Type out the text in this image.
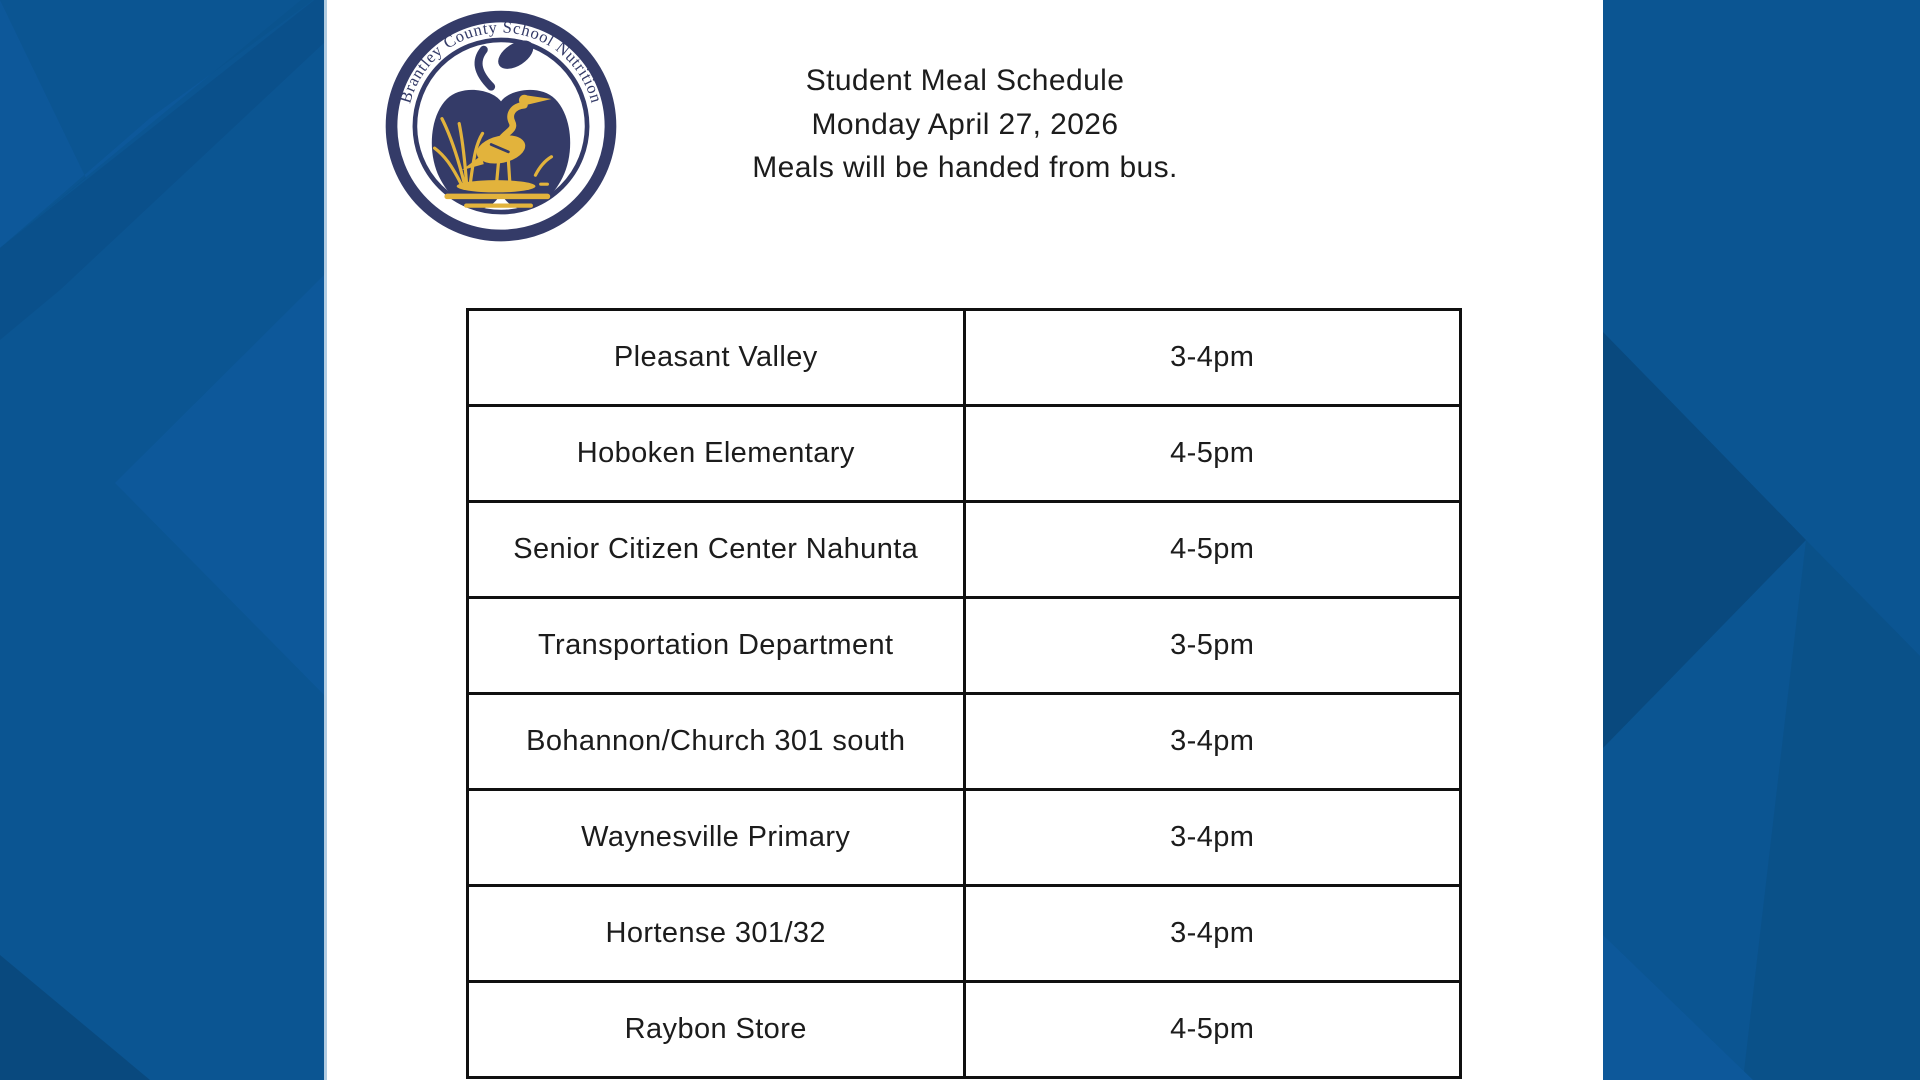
Brantley County School Nutrition
Student Meal Schedule
Monday April 27, 2026
Meals will be handed from bus.
Pleasant Valley	3-4pm
Hoboken Elementary	4-5pm
Senior Citizen Center Nahunta	4-5pm
Transportation Department	3-5pm
Bohannon/Church 301 south	3-4pm
Waynesville Primary	3-4pm
Hortense 301/32	3-4pm
Raybon Store	4-5pm
